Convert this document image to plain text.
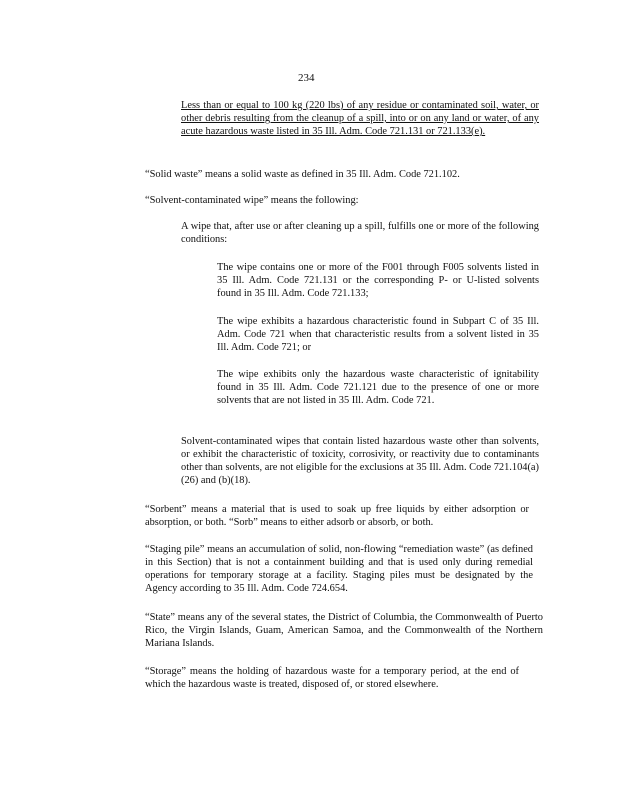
234
Less than or equal to 100 kg (220 lbs) of any residue or contaminated soil, water, or other debris resulting from the cleanup of a spill, into or on any land or water, of any acute hazardous waste listed in 35 Ill. Adm. Code 721.131 or 721.133(e).
“Solid waste” means a solid waste as defined in 35 Ill. Adm. Code 721.102.
“Solvent-contaminated wipe” means the following:
A wipe that, after use or after cleaning up a spill, fulfills one or more of the following conditions:
The wipe contains one or more of the F001 through F005 solvents listed in 35 Ill. Adm. Code 721.131 or the corresponding P- or U-listed solvents found in 35 Ill. Adm. Code 721.133;
The wipe exhibits a hazardous characteristic found in Subpart C of 35 Ill. Adm. Code 721 when that characteristic results from a solvent listed in 35 Ill. Adm. Code 721; or
The wipe exhibits only the hazardous waste characteristic of ignitability found in 35 Ill. Adm. Code 721.121 due to the presence of one or more solvents that are not listed in 35 Ill. Adm. Code 721.
Solvent-contaminated wipes that contain listed hazardous waste other than solvents, or exhibit the characteristic of toxicity, corrosivity, or reactivity due to contaminants other than solvents, are not eligible for the exclusions at 35 Ill. Adm. Code 721.104(a)(26) and (b)(18).
“Sorbent” means a material that is used to soak up free liquids by either adsorption or absorption, or both. “Sorb” means to either adsorb or absorb, or both.
“Staging pile” means an accumulation of solid, non-flowing “remediation waste” (as defined in this Section) that is not a containment building and that is used only during remedial operations for temporary storage at a facility. Staging piles must be designated by the Agency according to 35 Ill. Adm. Code 724.654.
“State” means any of the several states, the District of Columbia, the Commonwealth of Puerto Rico, the Virgin Islands, Guam, American Samoa, and the Commonwealth of the Northern Mariana Islands.
“Storage” means the holding of hazardous waste for a temporary period, at the end of which the hazardous waste is treated, disposed of, or stored elsewhere.
